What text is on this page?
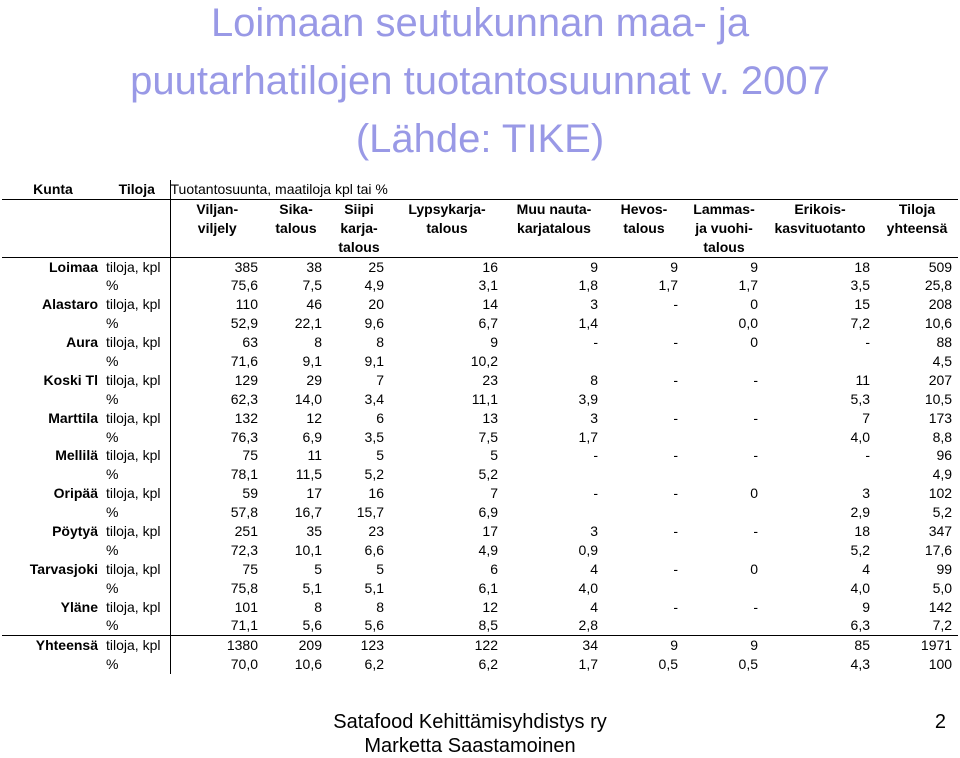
Loimaan seutukunnan maa- ja
puutarhatilojen tuotantosuunnat v. 2007
(Lähde: TIKE)
Kunta	Tiloja	Tuotantosuunta, maatiloja kpl tai %								
		Viljan-	Sika-	Siipi	Lypsykarja-	Muu nauta-	Hevos-	Lammas-	Erikois-	Tiloja
		viljely	talous	karja-	talous	karjatalous	talous	ja vuohi-	kasvituotanto	yhteensä
				talous				talous		
Loimaa	tiloja, kpl	385	38	25	16	9	9	9	18	509
	%	75,6	7,5	4,9	3,1	1,8	1,7	1,7	3,5	25,8
Alastaro	tiloja, kpl	110	46	20	14	3	-	0	15	208
	%	52,9	22,1	9,6	6,7	1,4		0,0	7,2	10,6
Aura	tiloja, kpl	63	8	8	9	-	-	0	-	88
	%	71,6	9,1	9,1	10,2					4,5
Koski Tl	tiloja, kpl	129	29	7	23	8	-	-	11	207
	%	62,3	14,0	3,4	11,1	3,9			5,3	10,5
Marttila	tiloja, kpl	132	12	6	13	3	-	-	7	173
	%	76,3	6,9	3,5	7,5	1,7			4,0	8,8
Mellilä	tiloja, kpl	75	11	5	5	-	-	-	-	96
	%	78,1	11,5	5,2	5,2					4,9
Oripää	tiloja, kpl	59	17	16	7	-	-	0	3	102
	%	57,8	16,7	15,7	6,9				2,9	5,2
Pöytyä	tiloja, kpl	251	35	23	17	3	-	-	18	347
	%	72,3	10,1	6,6	4,9	0,9			5,2	17,6
Tarvasjoki	tiloja, kpl	75	5	5	6	4	-	0	4	99
	%	75,8	5,1	5,1	6,1	4,0			4,0	5,0
Yläne	tiloja, kpl	101	8	8	12	4	-	-	9	142
	%	71,1	5,6	5,6	8,5	2,8			6,3	7,2
Yhteensä	tiloja, kpl	1380	209	123	122	34	9	9	85	1971
	%	70,0	10,6	6,2	6,2	1,7	0,5	0,5	4,3	100
Satafood Kehittämisyhdistys ry
Marketta Saastamoinen
2
